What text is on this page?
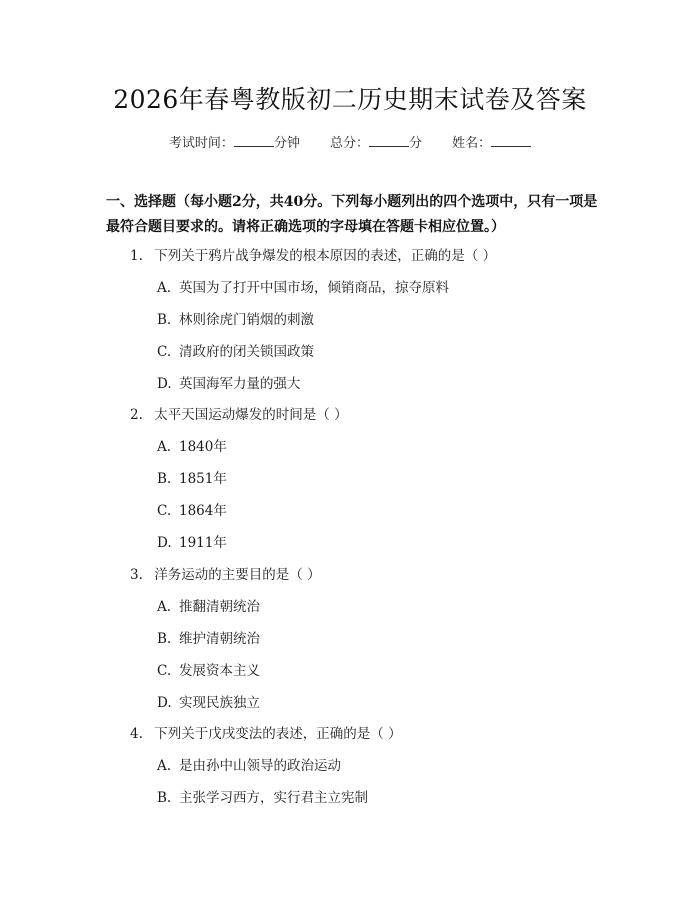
2026年春粤教版初二历史期末试卷及答案
考试时间：	分钟 总分：	分 姓名：
一、选择题（每小题2分，共40分。下列每小题列出的四个选项中，只有一项是最符合题目要求的。请将正确选项的字母填在答题卡相应位置。）
1. 下列关于鸦片战争爆发的根本原因的表述，正确的是（ ）
A. 英国为了打开中国市场，倾销商品，掠夺原料
B. 林则徐虎门销烟的刺激
C. 清政府的闭关锁国政策
D. 英国海军力量的强大
2. 太平天国运动爆发的时间是（ ）
A. 1840年
B. 1851年
C. 1864年
D. 1911年
3. 洋务运动的主要目的是（ ）
A. 推翻清朝统治
B. 维护清朝统治
C. 发展资本主义
D. 实现民族独立
4. 下列关于戊戌变法的表述，正确的是（ ）
A. 是由孙中山领导的政治运动
B. 主张学习西方，实行君主立宪制
